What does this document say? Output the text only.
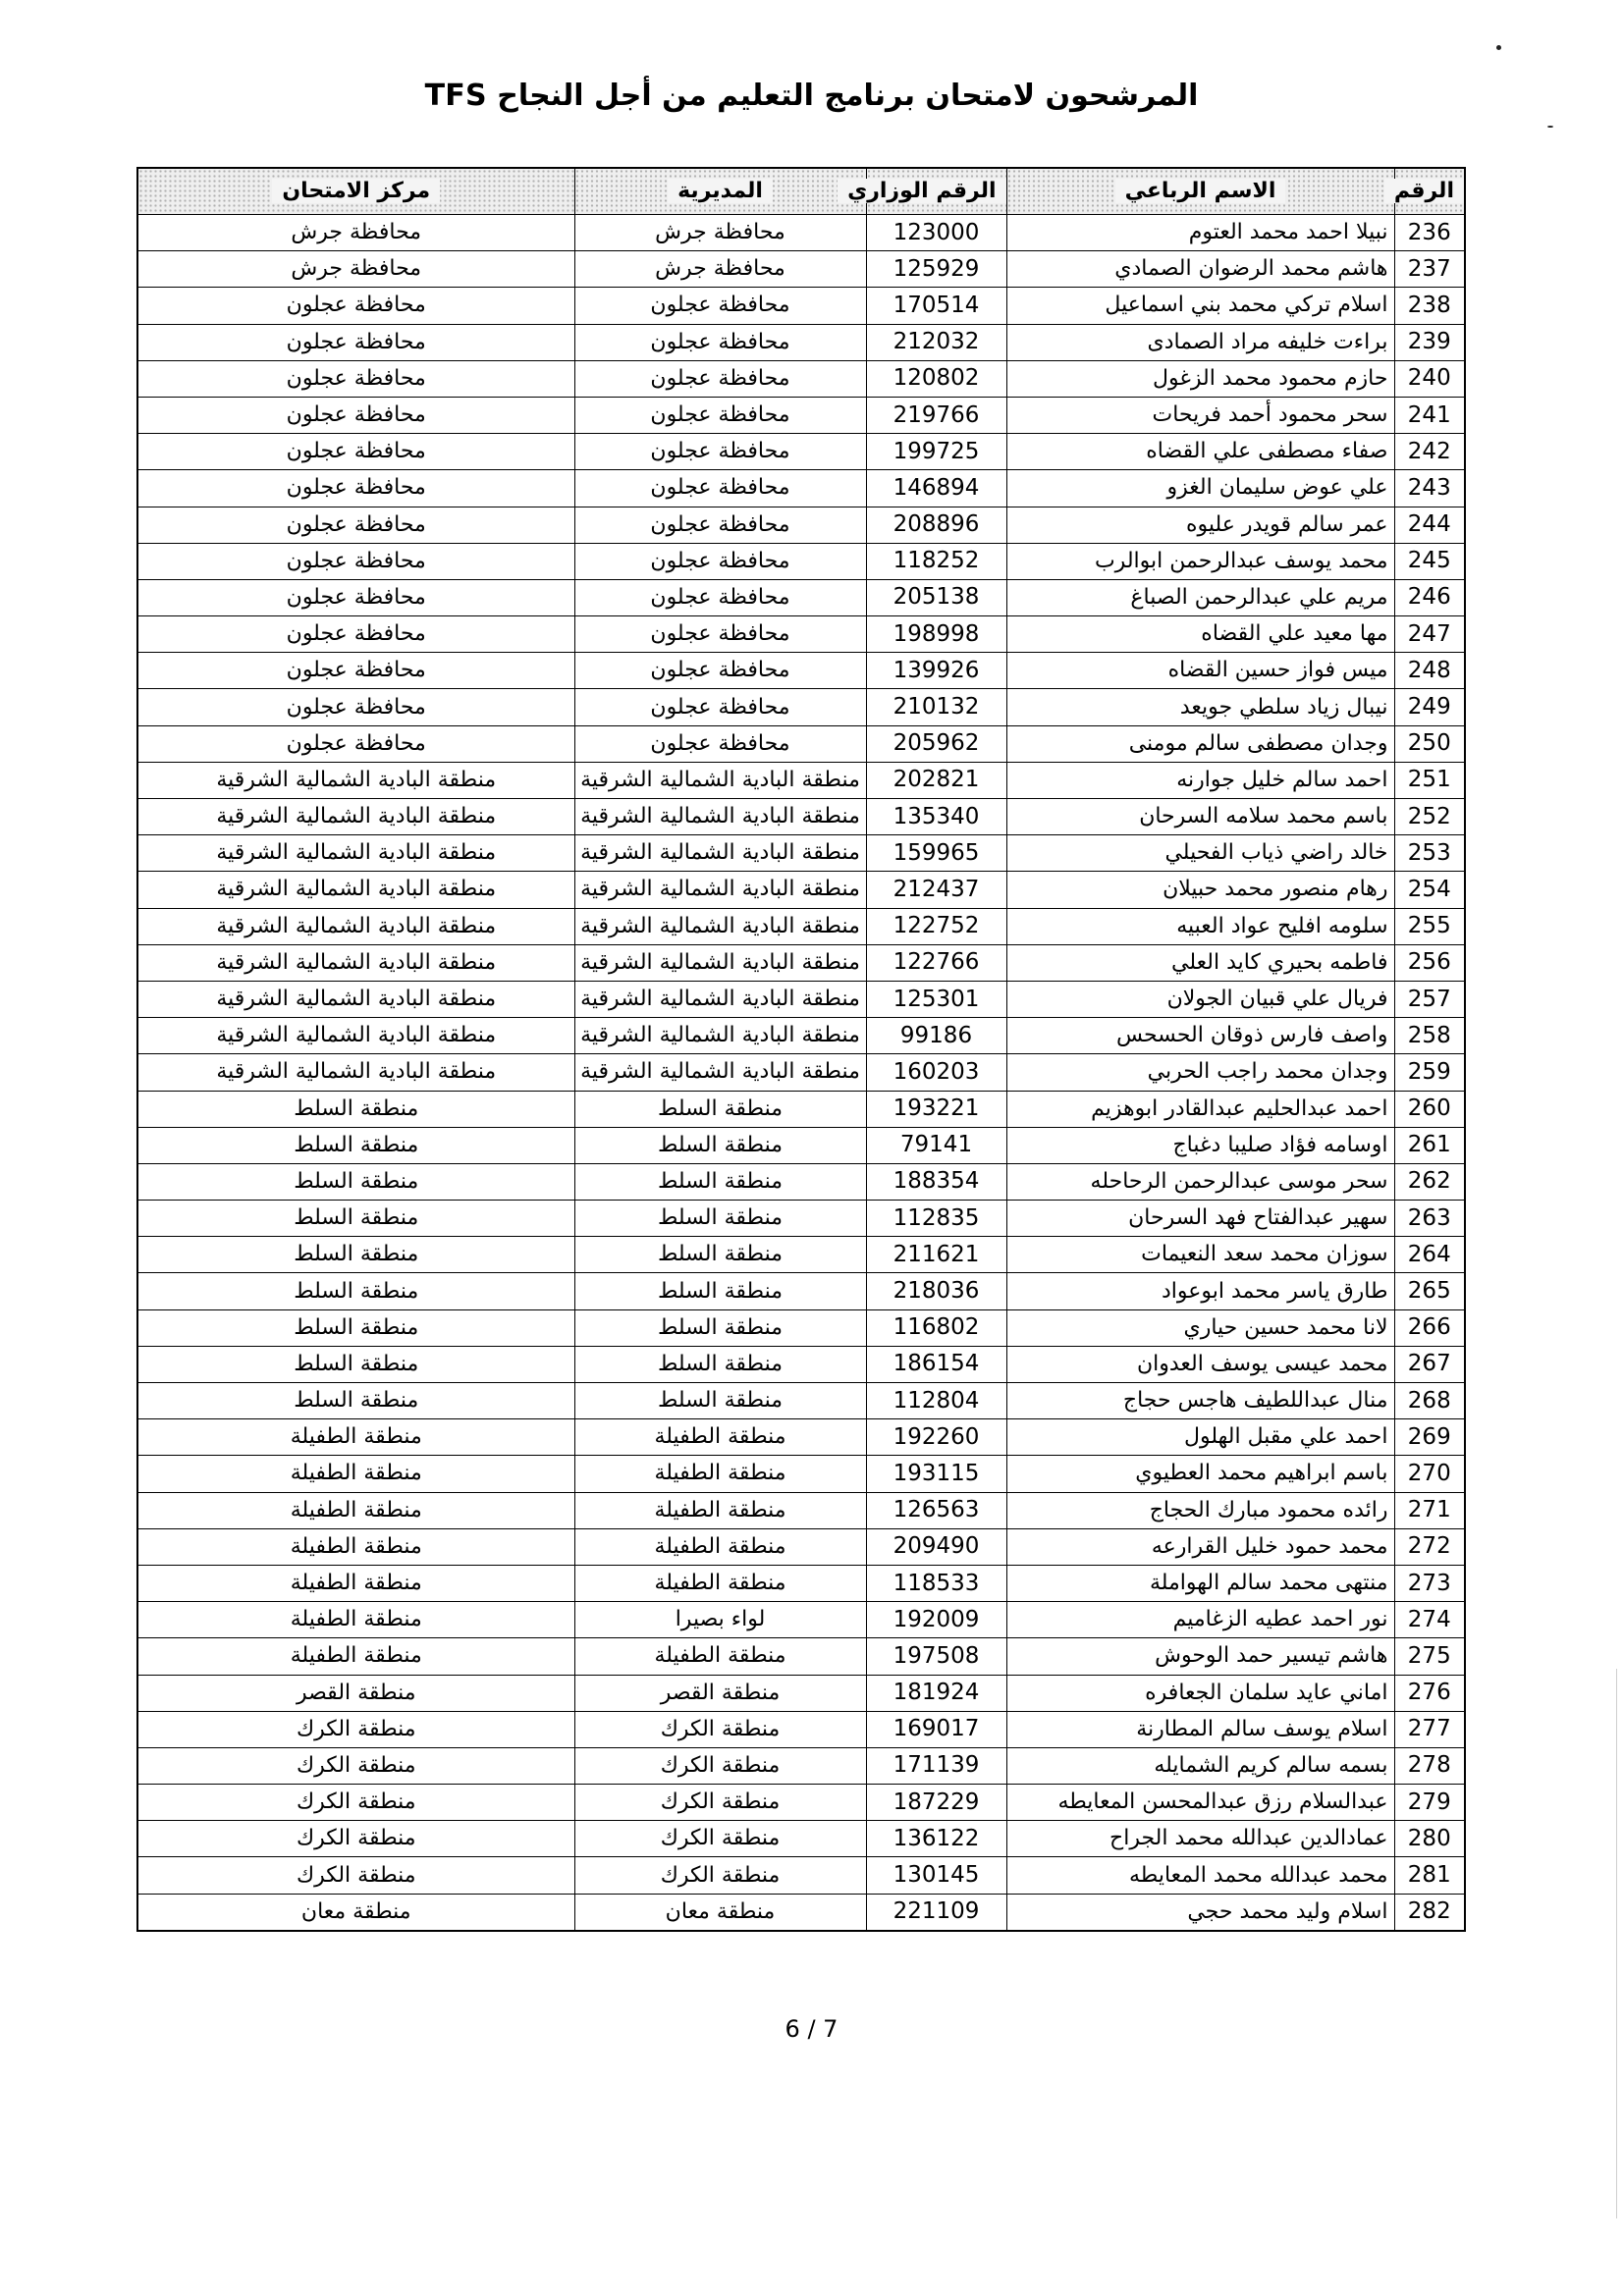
المرشحون لامتحان برنامج التعليم من أجل النجاح TFS
الرقم	الاسم الرباعي	الرقم الوزاري	المديرية	مركز الامتحان
236	نبيلا احمد محمد العتوم	123000	محافظة جرش	محافظة جرش
237	هاشم محمد الرضوان الصمادي	125929	محافظة جرش	محافظة جرش
238	اسلام تركي محمد بني اسماعيل	170514	محافظة عجلون	محافظة عجلون
239	براءت خليفه مراد الصمادى	212032	محافظة عجلون	محافظة عجلون
240	حازم محمود محمد الزغول	120802	محافظة عجلون	محافظة عجلون
241	سحر محمود أحمد فريحات	219766	محافظة عجلون	محافظة عجلون
242	صفاء مصطفى علي القضاه	199725	محافظة عجلون	محافظة عجلون
243	علي عوض سليمان الغزو	146894	محافظة عجلون	محافظة عجلون
244	عمر سالم قويدر عليوه	208896	محافظة عجلون	محافظة عجلون
245	محمد يوسف عبدالرحمن ابوالرب	118252	محافظة عجلون	محافظة عجلون
246	مريم علي عبدالرحمن الصباغ	205138	محافظة عجلون	محافظة عجلون
247	مها معيد علي القضاه	198998	محافظة عجلون	محافظة عجلون
248	ميس فواز حسين القضاه	139926	محافظة عجلون	محافظة عجلون
249	نيبال زياد سلطي جويعد	210132	محافظة عجلون	محافظة عجلون
250	وجدان مصطفى سالم مومنى	205962	محافظة عجلون	محافظة عجلون
251	احمد سالم خليل جوارنه	202821	منطقة البادية الشمالية الشرقية	منطقة البادية الشمالية الشرقية
252	باسم محمد سلامه السرحان	135340	منطقة البادية الشمالية الشرقية	منطقة البادية الشمالية الشرقية
253	خالد راضي ذياب الفحيلي	159965	منطقة البادية الشمالية الشرقية	منطقة البادية الشمالية الشرقية
254	رهام منصور محمد حبيلان	212437	منطقة البادية الشمالية الشرقية	منطقة البادية الشمالية الشرقية
255	سلومه افليح عواد العبيه	122752	منطقة البادية الشمالية الشرقية	منطقة البادية الشمالية الشرقية
256	فاطمه بحيري كايد العلي	122766	منطقة البادية الشمالية الشرقية	منطقة البادية الشمالية الشرقية
257	فريال علي قبيان الجولان	125301	منطقة البادية الشمالية الشرقية	منطقة البادية الشمالية الشرقية
258	واصف فارس ذوقان الحسحس	99186	منطقة البادية الشمالية الشرقية	منطقة البادية الشمالية الشرقية
259	وجدان محمد راجب الحربي	160203	منطقة البادية الشمالية الشرقية	منطقة البادية الشمالية الشرقية
260	احمد عبدالحليم عبدالقادر ابوهزيم	193221	منطقة السلط	منطقة السلط
261	اوسامه فؤاد صليبا دغباج	79141	منطقة السلط	منطقة السلط
262	سحر موسى عبدالرحمن الرحاحله	188354	منطقة السلط	منطقة السلط
263	سهير عبدالفتاح فهد السرحان	112835	منطقة السلط	منطقة السلط
264	سوزان محمد سعد النعيمات	211621	منطقة السلط	منطقة السلط
265	طارق ياسر محمد ابوعواد	218036	منطقة السلط	منطقة السلط
266	لانا محمد حسين حياري	116802	منطقة السلط	منطقة السلط
267	محمد عيسى يوسف العدوان	186154	منطقة السلط	منطقة السلط
268	منال عبداللطيف هاجس حجاج	112804	منطقة السلط	منطقة السلط
269	احمد علي مقبل الهلول	192260	منطقة الطفيلة	منطقة الطفيلة
270	باسم ابراهيم محمد العطيوي	193115	منطقة الطفيلة	منطقة الطفيلة
271	رائده محمود مبارك الحجاج	126563	منطقة الطفيلة	منطقة الطفيلة
272	محمد حمود خليل القرارعه	209490	منطقة الطفيلة	منطقة الطفيلة
273	منتهى محمد سالم الهواملة	118533	منطقة الطفيلة	منطقة الطفيلة
274	نور احمد عطيه الزغاميم	192009	لواء بصيرا	منطقة الطفيلة
275	هاشم تيسير حمد الوحوش	197508	منطقة الطفيلة	منطقة الطفيلة
276	اماني عايد سلمان الجعافره	181924	منطقة القصر	منطقة القصر
277	اسلام يوسف سالم المطارنة	169017	منطقة الكرك	منطقة الكرك
278	بسمه سالم كريم الشمايله	171139	منطقة الكرك	منطقة الكرك
279	عبدالسلام رزق عبدالمحسن المعايطه	187229	منطقة الكرك	منطقة الكرك
280	عمادالدين عبدالله محمد الجراح	136122	منطقة الكرك	منطقة الكرك
281	محمد عبدالله محمد المعايطه	130145	منطقة الكرك	منطقة الكرك
282	اسلام وليد محمد حجي	221109	منطقة معان	منطقة معان
6 / 7
